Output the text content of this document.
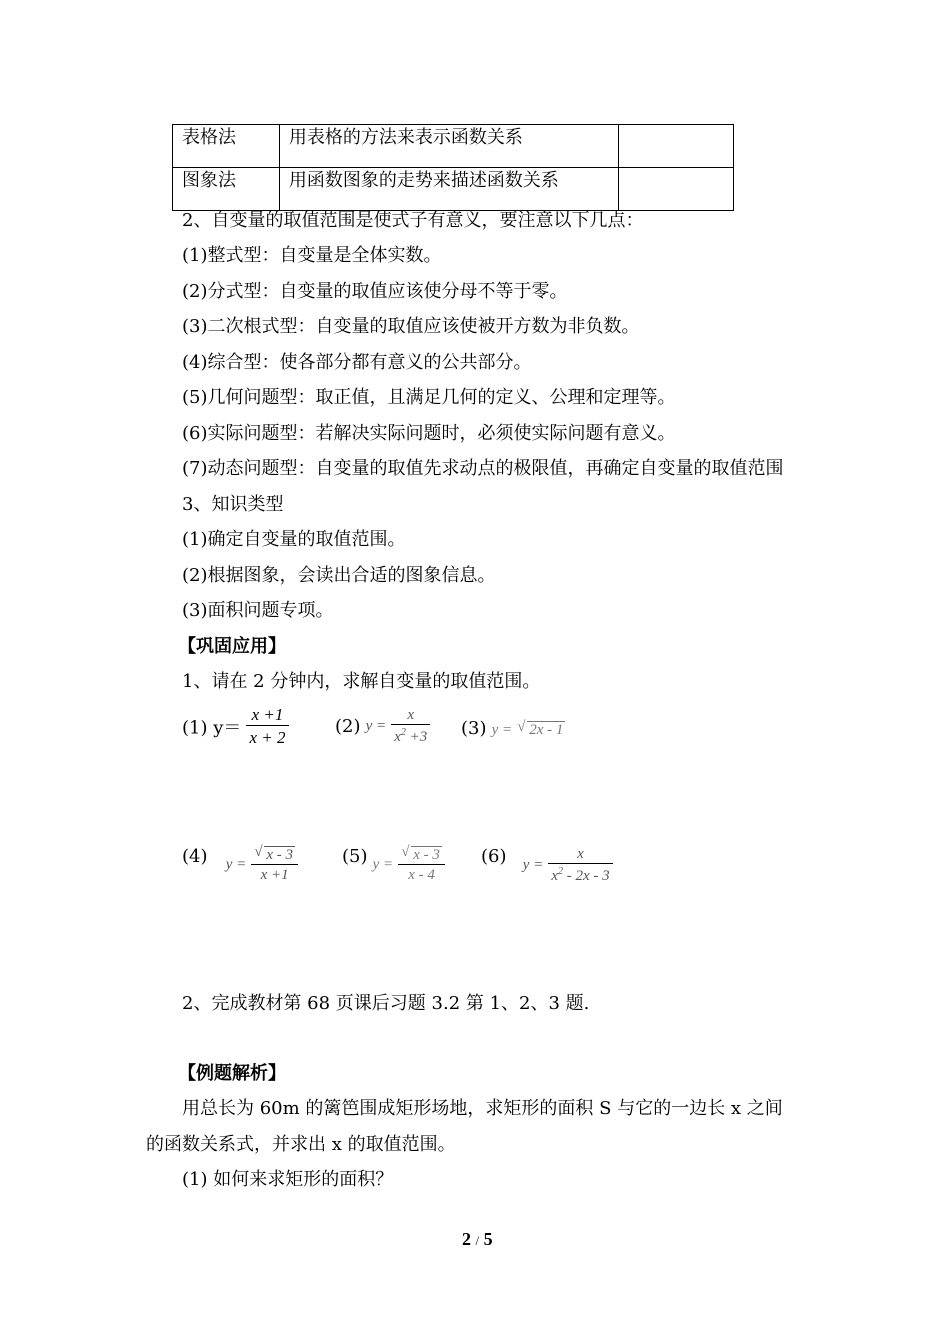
表格法	用表格的方法来表示函数关系	
图象法	用函数图象的走势来描述函数关系	
2、自变量的取值范围是使式子有意义，要注意以下几点：
(1)整式型：自变量是全体实数。
(2)分式型：自变量的取值应该使分母不等于零。
(3)二次根式型：自变量的取值应该使被开方数为非负数。
(4)综合型：使各部分都有意义的公共部分。
(5)几何问题型：取正值，且满足几何的定义、公理和定理等。
(6)实际问题型：若解决实际问题时，必须使实际问题有意义。
(7)动态问题型：自变量的取值先求动点的极限值，再确定自变量的取值范围
3、知识类型
(1)确定自变量的取值范围。
(2)根据图象，会读出合适的图象信息。
(3)面积问题专项。
【巩固应用】
1、请在 2 分钟内，求解自变量的取值范围。
(1) $y= \frac{x +1}{x + 2}$	(2) $y = \frac{x}{x^2 +3} (3) y$ = √ 2x - 1
(4) $y = \frac{√ x - 3}{x +1} (5) y = \frac{√ x - 3}{x - 4} (6) y = \frac{x}{x^2 - 2x - 3}$
2、完成教材第 68 页课后习题 3.2 第 1、2、3 题.
【例题解析】
用总长为 60m 的篱笆围成矩形场地，求矩形的面积 S 与它的一边长 x 之间
的函数关系式，并求出 x 的取值范围。
(1) 如何来求矩形的面积？
2 / 5
